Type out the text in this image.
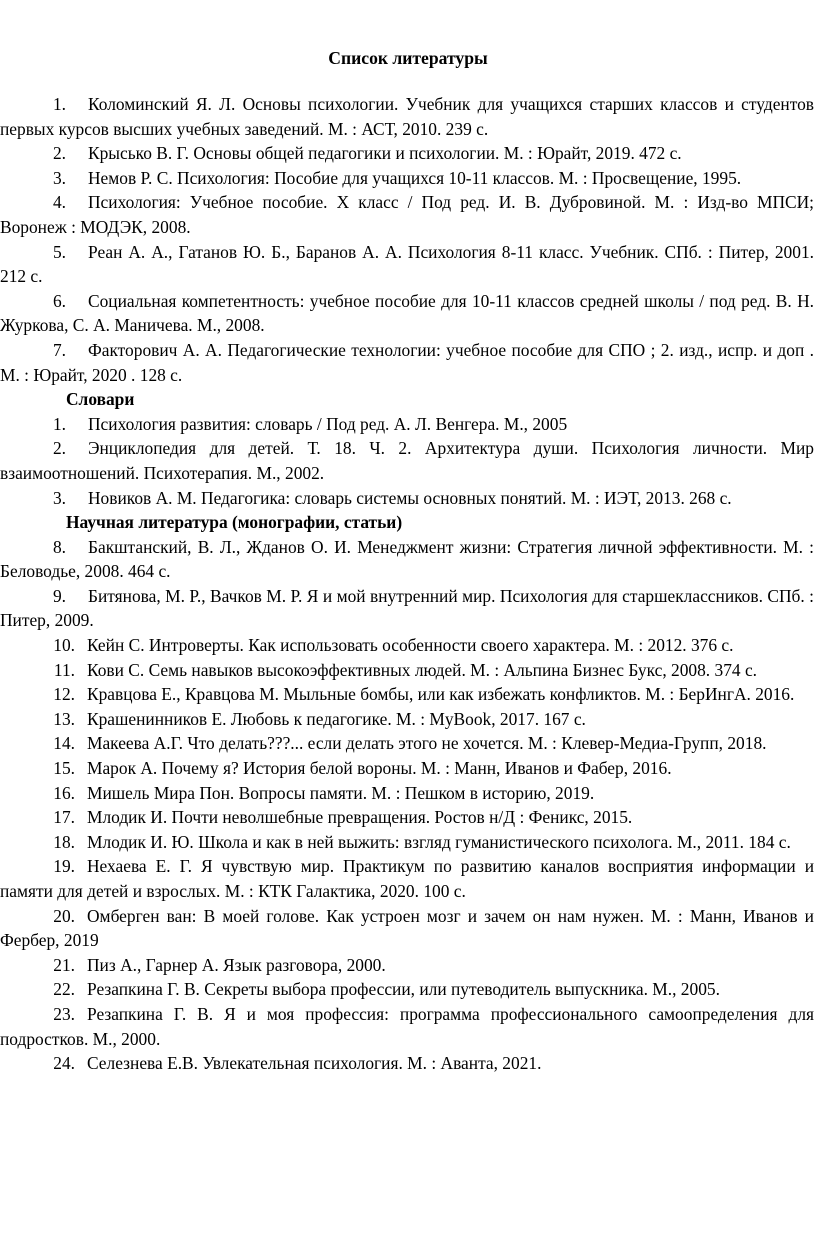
Список литературы

1. Коломинский Я. Л. Основы психологии. Учебник для учащихся старших классов и студентов первых курсов высших учебных заведений. М. : АСТ, 2010. 239 с.

2. Крысько В. Г. Основы общей педагогики и психологии. М. : Юрайт, 2019. 472 с.

3. Немов Р. С. Психология: Пособие для учащихся 10-11 классов. М. : Просвещение, 1995.

4. Психология: Учебное пособие. X класс / Под ред. И. В. Дубровиной. М. : Изд-во МПСИ; Воронеж : МОДЭК, 2008.

5. Реан А. А., Гатанов Ю. Б., Баранов А. А. Психология 8-11 класс. Учебник. СПб. : Питер, 2001. 212 с.

6. Социальная компетентность: учебное пособие для 10-11 классов средней школы / под ред. В. Н. Журкова, С. А. Маничева. М., 2008.

7. Факторович А. А. Педагогические технологии: учебное пособие для СПО ; 2. изд., испр. и доп . М. : Юрайт, 2020 . 128 с.

Словари

1. Психология развития: словарь / Под ред. А. Л. Венгера. М., 2005

2. Энциклопедия для детей. Т. 18. Ч. 2. Архитектура души. Психология личности. Мир взаимоотношений. Психотерапия. М., 2002.

3. Новиков А. М. Педагогика: словарь системы основных понятий. М. : ИЭТ, 2013. 268 с.

Научная литература (монографии, статьи)

8. Бакштанский, В. Л., Жданов О. И. Менеджмент жизни: Стратегия личной эффективности. М. : Беловодье, 2008. 464 с.

9. Битянова, М. Р., Вачков М. Р. Я и мой внутренний мир. Психология для старшеклассников. СПб. : Питер, 2009.

10. Кейн С. Интроверты. Как использовать особенности своего характера. М. : 2012. 376 с.

11. Кови С. Семь навыков высокоэффективных людей. М. : Альпина Бизнес Букс, 2008. 374 с.

12. Кравцова Е., Кравцова М. Мыльные бомбы, или как избежать конфликтов. М. : БерИнгА. 2016.

13. Крашенинников Е. Любовь к педагогике. М. : MyBook, 2017. 167 с.

14. Макеева А.Г. Что делать???... если делать этого не хочется. М. : Клевер-Медиа-Групп, 2018.

15. Марок А. Почему я? История белой вороны. М. : Манн, Иванов и Фабер, 2016.

16. Мишель Мира Пон. Вопросы памяти. М. : Пешком в историю, 2019.

17. Млодик И. Почти неволшебные превращения. Ростов н/Д : Феникс, 2015.

18. Млодик И. Ю. Школа и как в ней выжить: взгляд гуманистического психолога. М., 2011. 184 с.

19. Нехаева Е. Г. Я чувствую мир. Практикум по развитию каналов восприятия информации и памяти для детей и взрослых. М. : КТК Галактика, 2020. 100 с.

20. Омберген ван: В моей голове. Как устроен мозг и зачем он нам нужен. М. : Манн, Иванов и Фербер, 2019

21. Пиз А., Гарнер А. Язык разговора, 2000.

22. Резапкина Г. В. Секреты выбора профессии, или путеводитель выпускника. М., 2005.

23. Резапкина Г. В. Я и моя профессия: программа профессионального самоопределения для подростков. М., 2000.

24. Селезнева Е.В. Увлекательная психология. М. : Аванта, 2021.
